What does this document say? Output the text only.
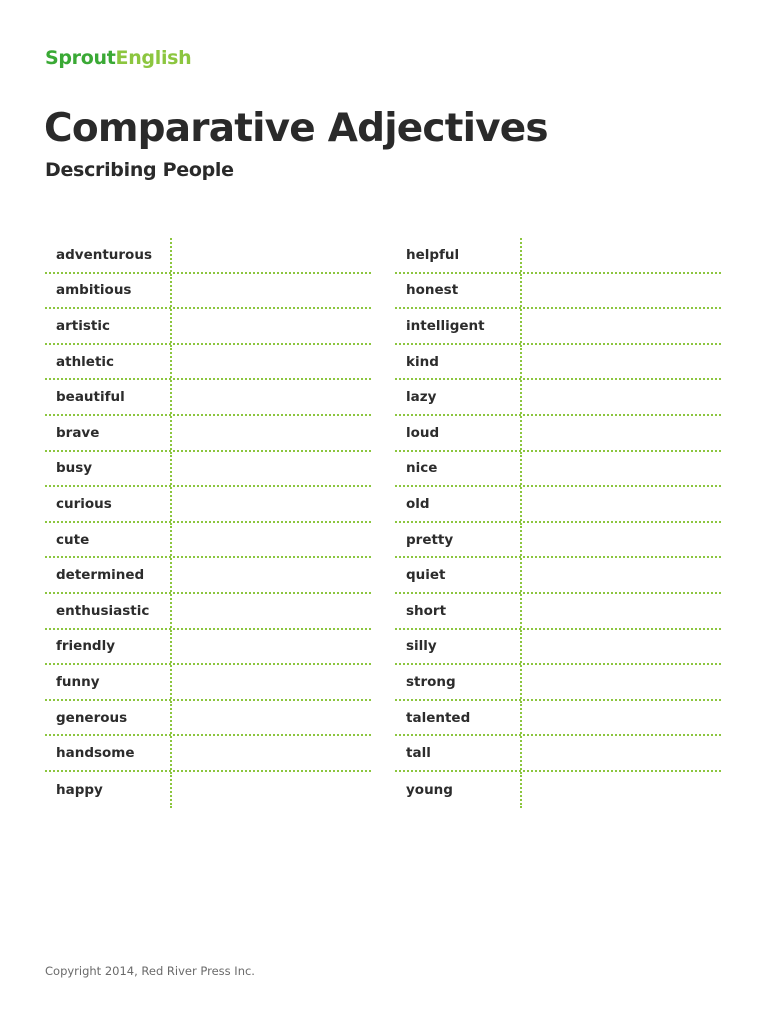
SproutEnglish
Comparative Adjectives
Describing People
adventurous
ambitious
artistic
athletic
beautiful
brave
busy
curious
cute
determined
enthusiastic
friendly
funny
generous
handsome
happy
helpful
honest
intelligent
kind
lazy
loud
nice
old
pretty
quiet
short
silly
strong
talented
tall
young
Copyright 2014, Red River Press Inc.
